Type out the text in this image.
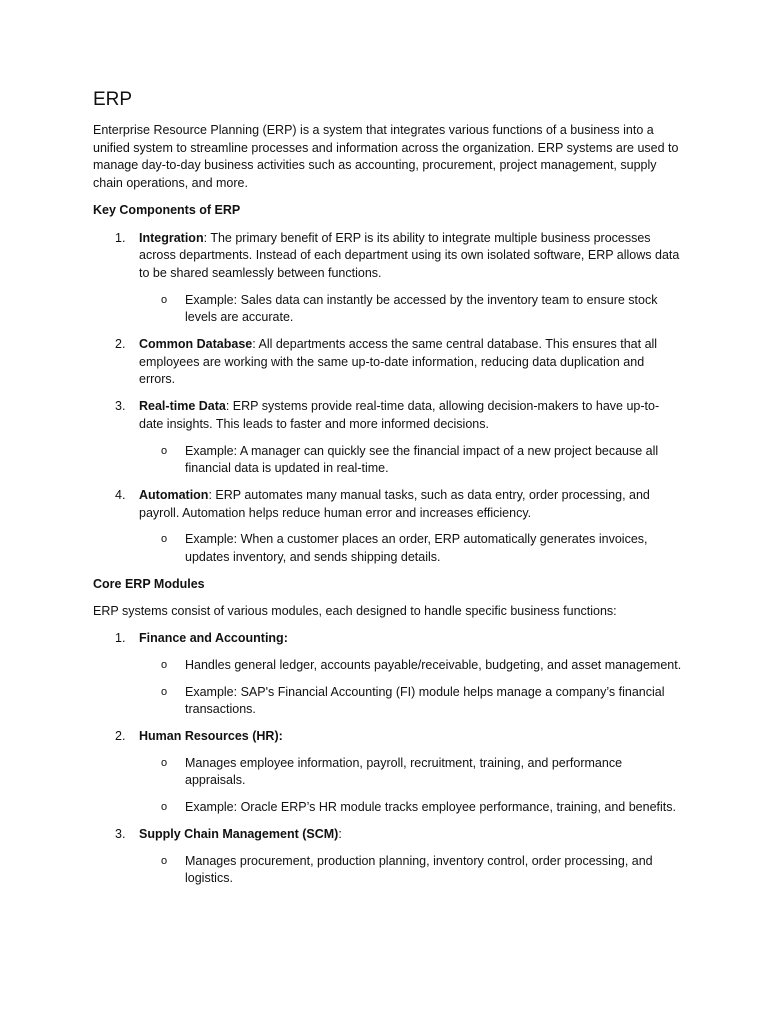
ERP

Enterprise Resource Planning (ERP) is a system that integrates various functions of a business into a unified system to streamline processes and information across the organization. ERP systems are used to manage day-to-day business activities such as accounting, procurement, project management, supply chain operations, and more.

Key Components of ERP

1. Integration: The primary benefit of ERP is its ability to integrate multiple business processes across departments. Instead of each department using its own isolated software, ERP allows data to be shared seamlessly between functions.
o Example: Sales data can instantly be accessed by the inventory team to ensure stock levels are accurate.
2. Common Database: All departments access the same central database. This ensures that all employees are working with the same up-to-date information, reducing data duplication and errors.
3. Real-time Data: ERP systems provide real-time data, allowing decision-makers to have up-to-date insights. This leads to faster and more informed decisions.
o Example: A manager can quickly see the financial impact of a new project because all financial data is updated in real-time.
4. Automation: ERP automates many manual tasks, such as data entry, order processing, and payroll. Automation helps reduce human error and increases efficiency.
o Example: When a customer places an order, ERP automatically generates invoices, updates inventory, and sends shipping details.

Core ERP Modules

ERP systems consist of various modules, each designed to handle specific business functions:

1. Finance and Accounting:
o Handles general ledger, accounts payable/receivable, budgeting, and asset management.
o Example: SAP's Financial Accounting (FI) module helps manage a company’s financial transactions.
2. Human Resources (HR):
o Manages employee information, payroll, recruitment, training, and performance appraisals.
o Example: Oracle ERP’s HR module tracks employee performance, training, and benefits.
3. Supply Chain Management (SCM):
o Manages procurement, production planning, inventory control, order processing, and logistics.
